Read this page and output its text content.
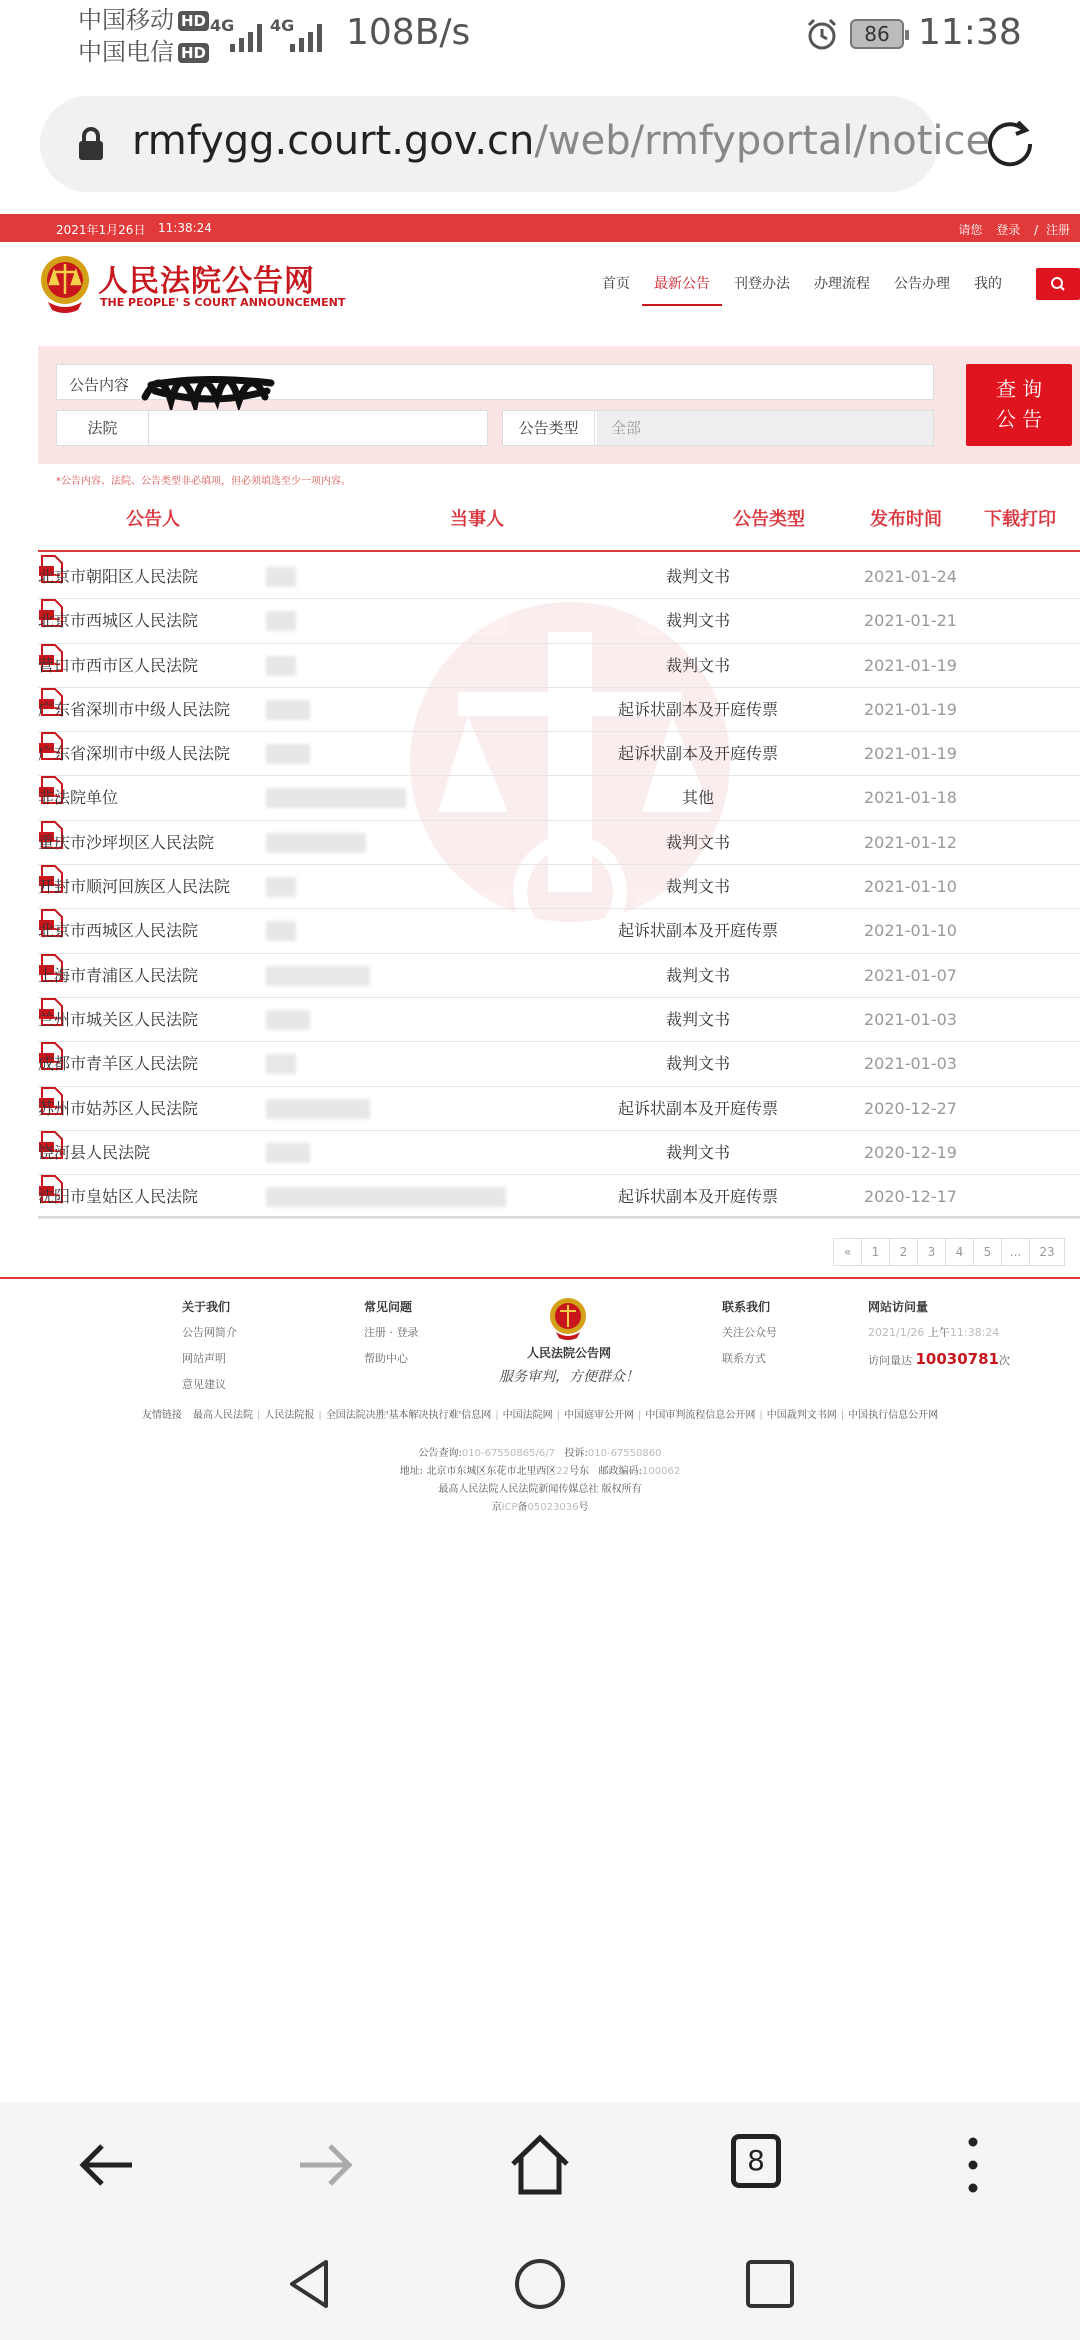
中国移动 HD
中国电信 HD
4G 4G 108B/s	86 11:38
rmfygg.court.gov.cn/web/rmfyportal/notice
2021年1月26日 11:38:24	请您 登录 / 注册
人民法院公告网
THE PEOPLE' S COURT ANNOUNCEMENT
首页	最新公告	刊登办法	办理流程	公告办理	我的
公告内容
法院	公告类型	全部
查 询
公 告
*公告内容、法院、公告类型非必填项，但必须填选至少一项内容。
公告人	当事人	公告类型	发布时间 下载打印
北京市朝阳区人民法院	裁判文书	2021-01-24
北京市西城区人民法院	裁判文书	2021-01-21
营口市西市区人民法院	裁判文书	2021-01-19
广东省深圳市中级人民法院	起诉状副本及开庭传票	2021-01-19
广东省深圳市中级人民法院	起诉状副本及开庭传票	2021-01-19
非法院单位	其他	2021-01-18
重庆市沙坪坝区人民法院	裁判文书	2021-01-12
开封市顺河回族区人民法院	裁判文书	2021-01-10
北京市西城区人民法院	起诉状副本及开庭传票	2021-01-10
上海市青浦区人民法院	裁判文书	2021-01-07
兰州市城关区人民法院	裁判文书	2021-01-03
成都市青羊区人民法院	裁判文书	2021-01-03
苏州市姑苏区人民法院	起诉状副本及开庭传票	2020-12-27
饶河县人民法院	裁判文书	2020-12-19
沈阳市皇姑区人民法院	起诉状副本及开庭传票	2020-12-17
«	1	2	3	4	5	...	23
关于我们
公告网简介
网站声明
意见建议
常见问题
注册 · 登录
帮助中心	人民法院公告网
服务审判，方便群众！
联系我们
关注公众号
联系方式
网站访问量
2021/1/26 上午11:38:24
访问量达 10030781次
友情链接 最高人民法院 | 人民法院报 | 全国法院决胜'基本解决执行难'信息网 | 中国法院网 | 中国庭审公开网 | 中国审判流程信息公开网 | 中国裁判文书网 | 中国执行信息公开网
公告查询:010-67550865/6/7 投诉:010-67550860
地址: 北京市东城区东花市北里西区22号东 邮政编码:100062
最高人民法院人民法院新闻传媒总社 版权所有
京ICP备05023036号
8
